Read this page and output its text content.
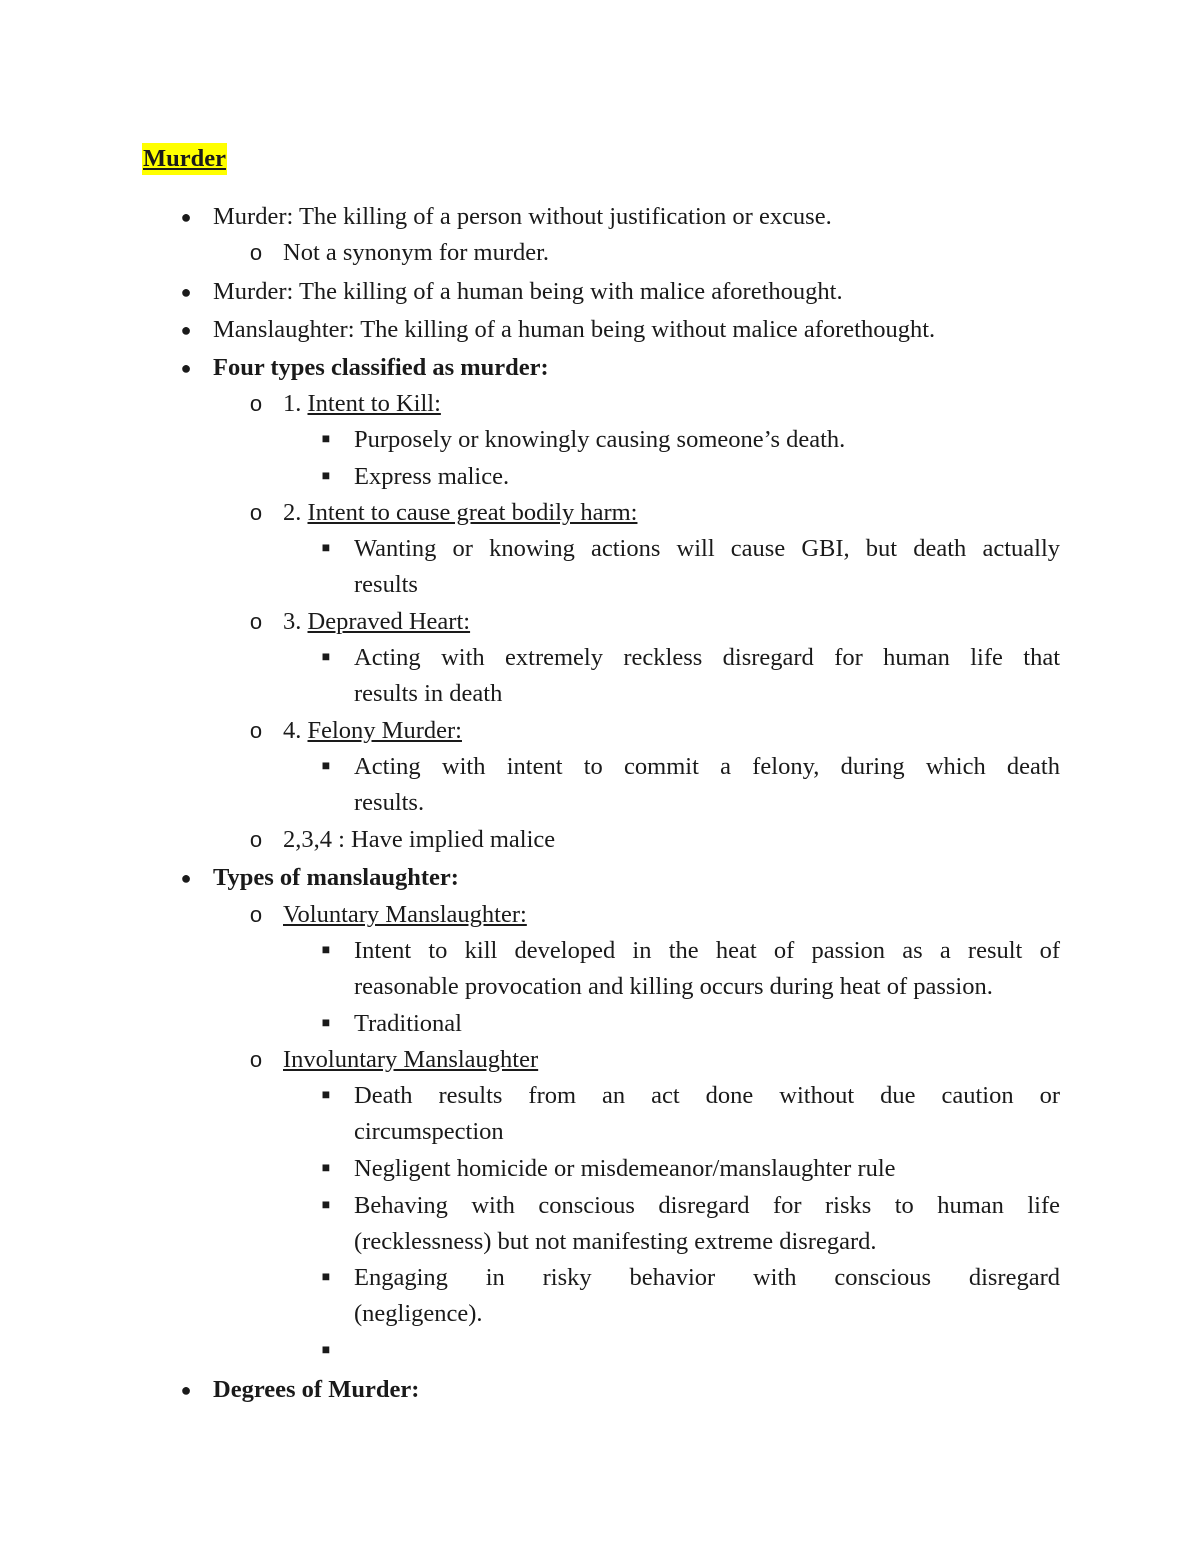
Murder
● Murder: The killing of a person without justification or excuse.
o Not a synonym for murder.
● Murder: The killing of a human being with malice aforethought.
● Manslaughter: The killing of a human being without malice aforethought.
● Four types classified as murder:
o 1. Intent to Kill:
■ Purposely or knowingly causing someone’s death.
■ Express malice.
o 2. Intent to cause great bodily harm:
■ Wanting or knowing actions will cause GBI, but death actually
results
o 3. Depraved Heart:
■ Acting with extremely reckless disregard for human life that
results in death
o 4. Felony Murder:
■ Acting with intent to commit a felony, during which death
results.
o 2,3,4 : Have implied malice
● Types of manslaughter:
o Voluntary Manslaughter:
■ Intent to kill developed in the heat of passion as a result of
reasonable provocation and killing occurs during heat of passion.
■ Traditional
o Involuntary Manslaughter
■ Death results from an act done without due caution or
circumspection
■ Negligent homicide or misdemeanor/manslaughter rule
■ Behaving with conscious disregard for risks to human life
(recklessness) but not manifesting extreme disregard.
■ Engaging in risky behavior with conscious disregard
(negligence).
■
● Degrees of Murder:
